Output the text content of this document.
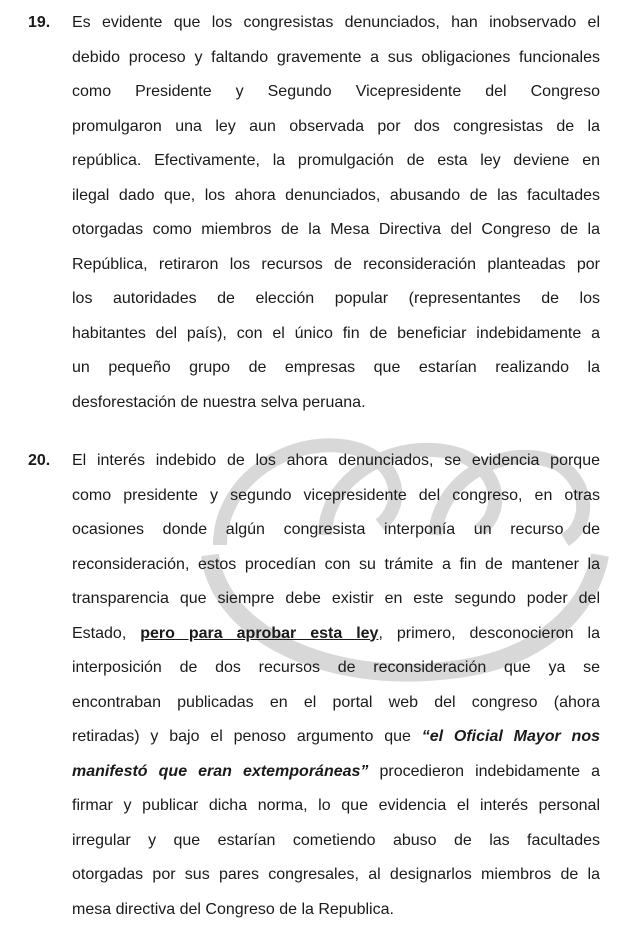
19. Es evidente que los congresistas denunciados, han inobservado el
debido proceso y faltando gravemente a sus obligaciones funcionales
como Presidente y Segundo Vicepresidente del Congreso
promulgaron una ley aun observada por dos congresistas de la
república. Efectivamente, la promulgación de esta ley deviene en
ilegal dado que, los ahora denunciados, abusando de las facultades
otorgadas como miembros de la Mesa Directiva del Congreso de la
República, retiraron los recursos de reconsideración planteadas por
los autoridades de elección popular (representantes de los
habitantes del país), con el único fin de beneficiar indebidamente a
un pequeño grupo de empresas que estarían realizando la
desforestación de nuestra selva peruana.
20. El interés indebido de los ahora denunciados, se evidencia porque
como presidente y segundo vicepresidente del congreso, en otras
ocasiones donde algún congresista interponía un recurso de
reconsideración, estos procedían con su trámite a fin de mantener la
transparencia que siempre debe existir en este segundo poder del
Estado, pero para aprobar esta ley, primero, desconocieron la
interposición de dos recursos de reconsideración que ya se
encontraban publicadas en el portal web del congreso (ahora
retiradas) y bajo el penoso argumento que “el Oficial Mayor nos
manifestó que eran extemporáneas” procedieron indebidamente a
firmar y publicar dicha norma, lo que evidencia el interés personal
irregular y que estarían cometiendo abuso de las facultades
otorgadas por sus pares congresales, al designarlos miembros de la
mesa directiva del Congreso de la Republica.
